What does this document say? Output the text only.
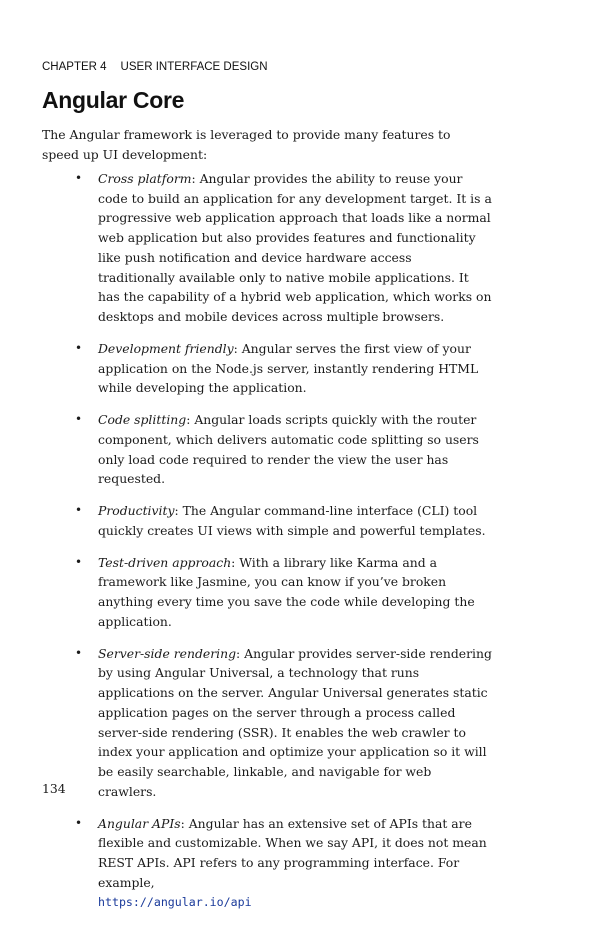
CHAPTER 4 USER INTERFACE DESIGN
Angular Core

The Angular framework is leveraged to provide many features to speed up UI development:

• Cross platform: Angular provides the ability to reuse your code to build an application for any development target. It is a progressive web application approach that loads like a normal web application but also provides features and functionality like push notification and device hardware access traditionally available only to native mobile applications. It has the capability of a hybrid web application, which works on desktops and mobile devices across multiple browsers.
• Development friendly: Angular serves the first view of your application on the Node.js server, instantly rendering HTML while developing the application.
• Code splitting: Angular loads scripts quickly with the router component, which delivers automatic code splitting so users only load code required to render the view the user has requested.
• Productivity: The Angular command-line interface (CLI) tool quickly creates UI views with simple and powerful templates.
• Test-driven approach: With a library like Karma and a framework like Jasmine, you can know if you’ve broken anything every time you save the code while developing the application.
• Server-side rendering: Angular provides server-side rendering by using Angular Universal, a technology that runs applications on the server. Angular Universal generates static application pages on the server through a process called server-side rendering (SSR). It enables the web crawler to index your application and optimize your application so it will be easily searchable, linkable, and navigable for web crawlers.
• Angular APIs: Angular has an extensive set of APIs that are flexible and customizable. When we say API, it does not mean REST APIs. API refers to any programming interface. For example,
https://angular.io/api
134
